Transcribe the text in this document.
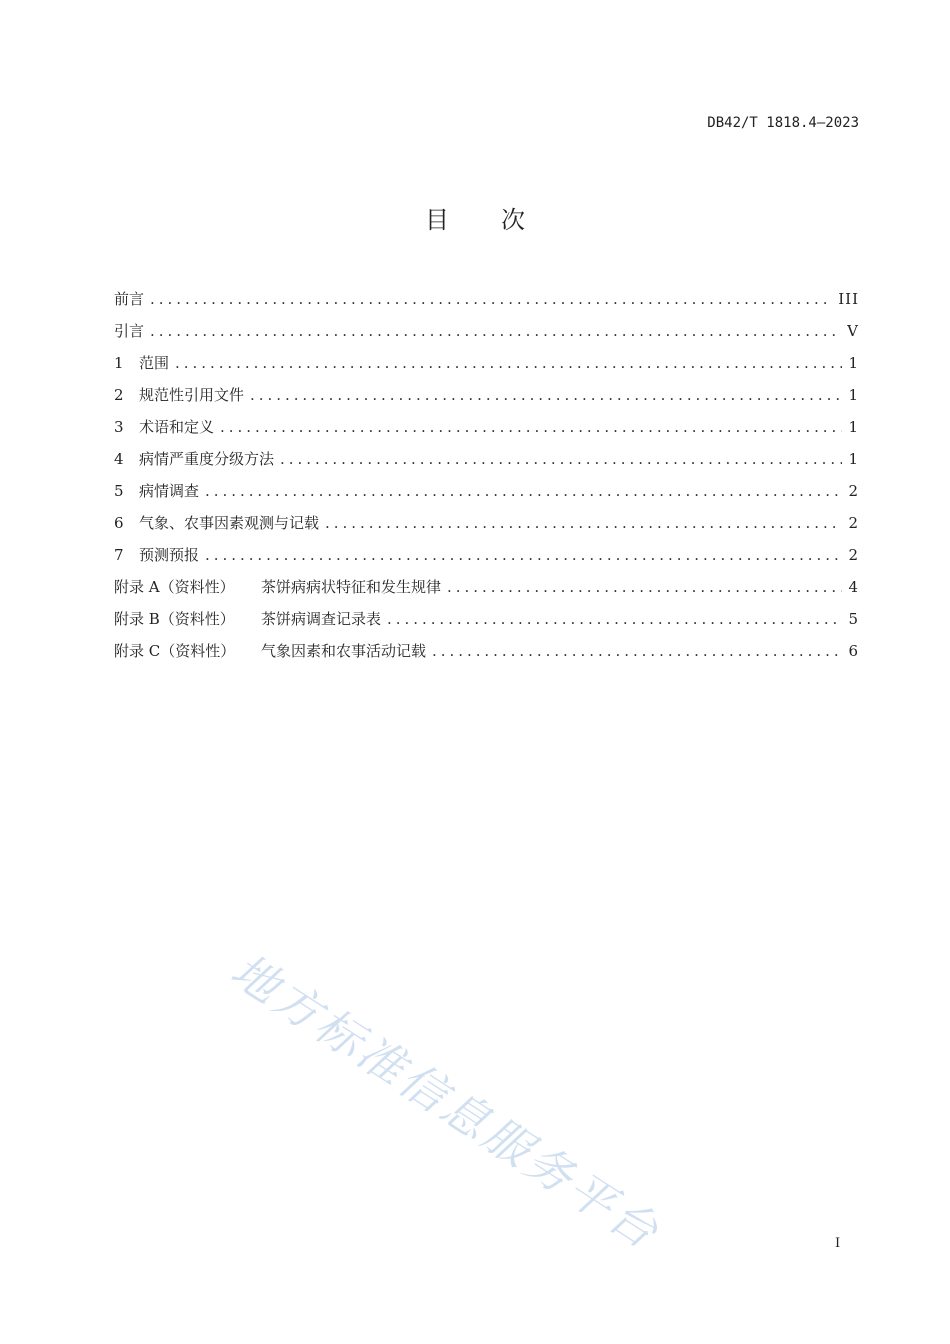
DB42/T 1818.4—2023
目 次
前言 . . .	III
引言 . . .	V
1	范围 . . .	1
2	规范性引用文件 . . .	1
3	术语和定义 . . .	1
4	病情严重度分级方法 . . .	1
5	病情调查 . . .	2
6	气象、农事因素观测与记载 . . .	2
7	预测预报 . . .	2
附录 A（资料性）	茶饼病病状特征和发生规律 . . .	4
附录 B（资料性）	茶饼病调查记录表 . . .	5
附录 C（资料性）	气象因素和农事活动记载 . . .	6
地方标准信息服务平台	I
